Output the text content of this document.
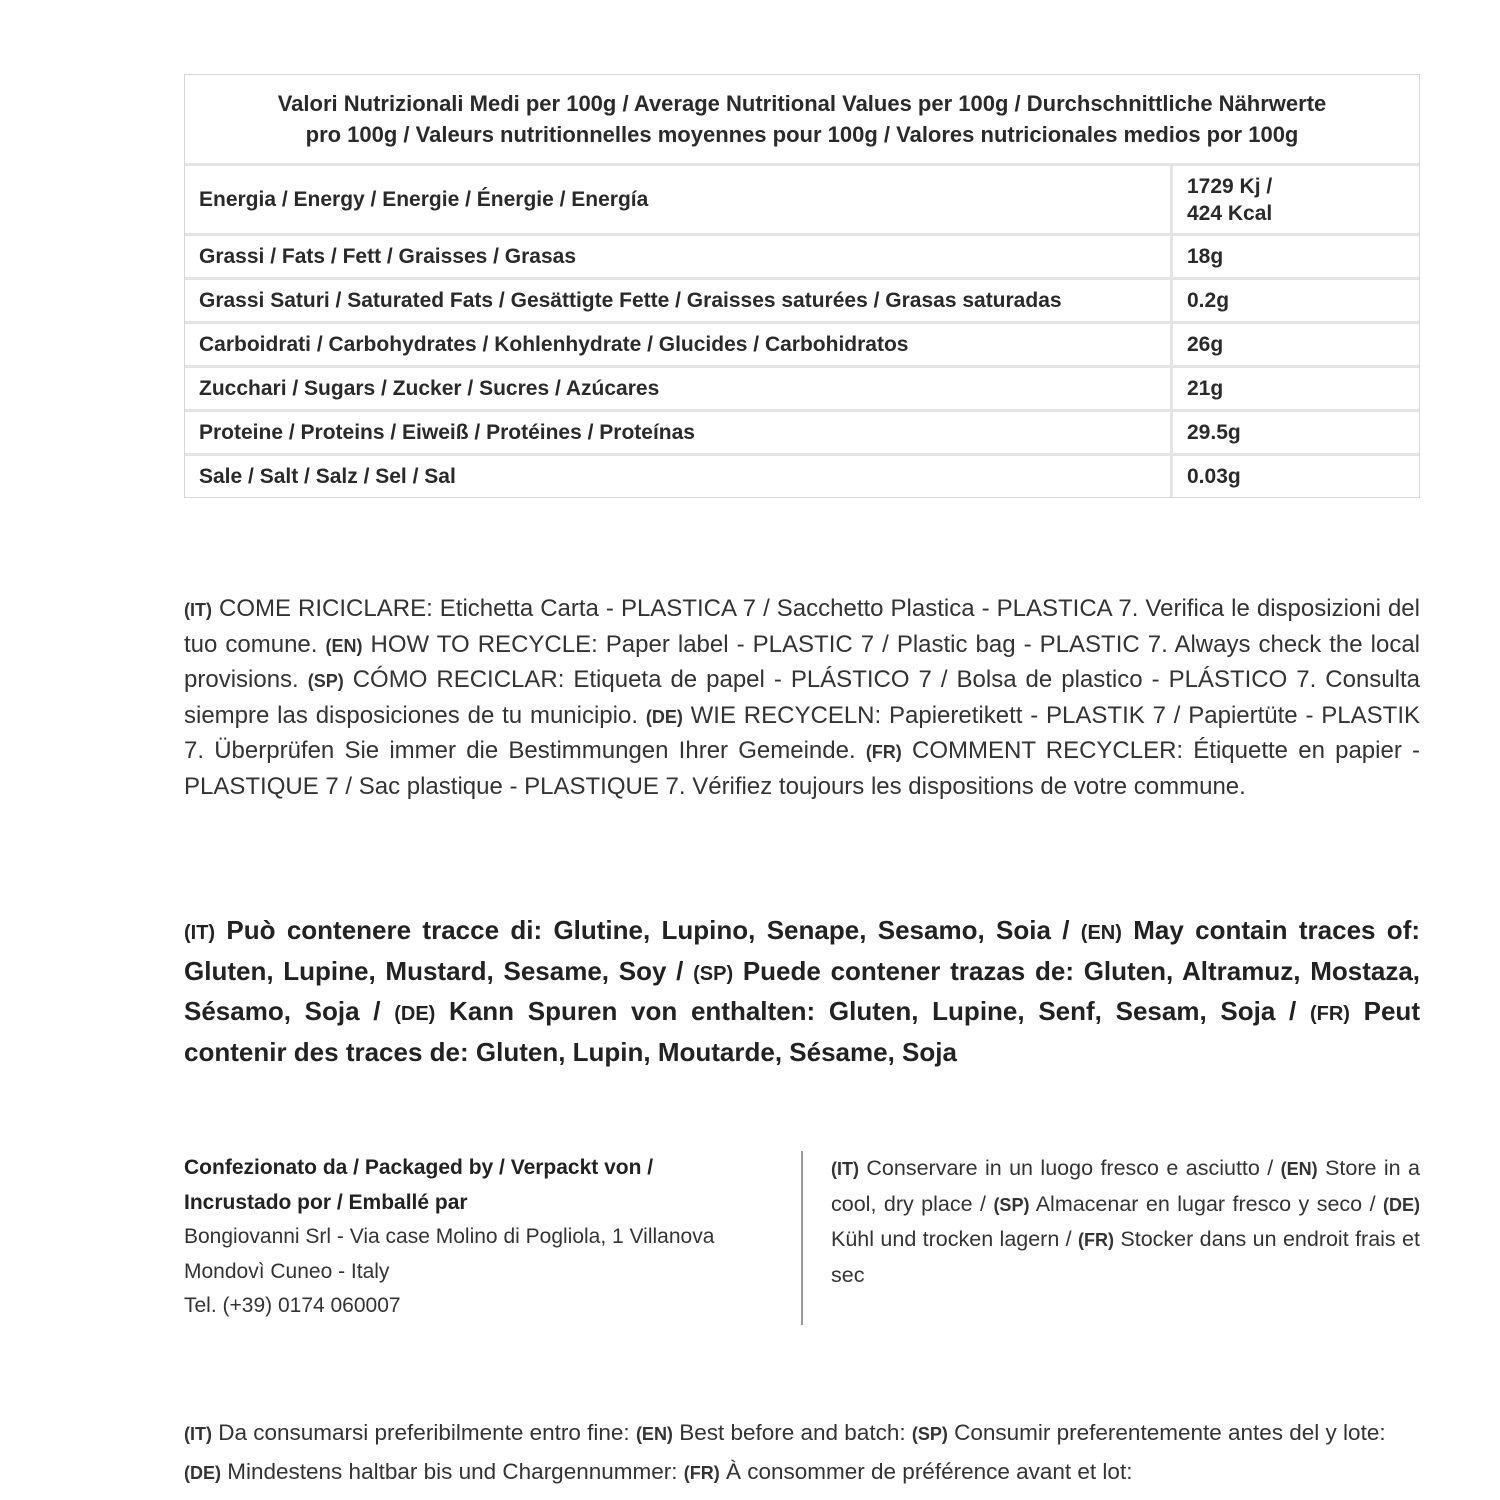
Valori Nutrizionali Medi per 100g / Average Nutritional Values per 100g / Durchschnittliche Nährwerte
pro 100g / Valeurs nutritionnelles moyennes pour 100g / Valores nutricionales medios por 100g	
Energia / Energy / Energie / Énergie / Energía	1729 Kj /
424 Kcal
Grassi / Fats / Fett / Graisses / Grasas	18g
Grassi Saturi / Saturated Fats / Gesättigte Fette / Graisses saturées / Grasas saturadas	0.2g
Carboidrati / Carbohydrates / Kohlenhydrate / Glucides / Carbohidratos	26g
Zucchari / Sugars / Zucker / Sucres / Azúcares	21g
Proteine / Proteins / Eiweiß / Protéines / Proteínas	29.5g
Sale / Salt / Salz / Sel / Sal	0.03g
(IT) COME RICICLARE: Etichetta Carta - PLASTICA 7 / Sacchetto Plastica - PLASTICA 7. Verifica le disposizioni del tuo comune. (EN) HOW TO RECYCLE: Paper label - PLASTIC 7 / Plastic bag - PLASTIC 7. Always check the local provisions. (SP) CÓMO RECICLAR: Etiqueta de papel - PLÁSTICO 7 / Bolsa de plastico - PLÁSTICO 7. Consulta siempre las disposiciones de tu municipio. (DE) WIE RECYCELN: Papieretikett - PLASTIK 7 / Papiertüte - PLASTIK 7. Überprüfen Sie immer die Bestimmungen Ihrer Gemeinde. (FR) COMMENT RECYCLER: Étiquette en papier - PLASTIQUE 7 / Sac plastique - PLASTIQUE 7. Vérifiez toujours les dispositions de votre commune.
(IT) Può contenere tracce di: Glutine, Lupino, Senape, Sesamo, Soia / (EN) May contain traces of: Gluten, Lupine, Mustard, Sesame, Soy / (SP) Puede contener trazas de: Gluten, Altramuz, Mostaza, Sésamo, Soja / (DE) Kann Spuren von enthalten: Gluten, Lupine, Senf, Sesam, Soja / (FR) Peut contenir des traces de: Gluten, Lupin, Moutarde, Sésame, Soja
Confezionato da / Packaged by / Verpackt von /
Incrustado por / Emballé par
Bongiovanni Srl - Via case Molino di Pogliola, 1 Villanova
Mondovì Cuneo - Italy
Tel. (+39) 0174 060007
(IT) Conservare in un luogo fresco e asciutto / (EN) Store in a cool, dry place / (SP) Almacenar en lugar fresco y seco / (DE) Kühl und trocken lagern / (FR) Stocker dans un endroit frais et sec
(IT) Da consumarsi preferibilmente entro fine: (EN) Best before and batch: (SP) Consumir preferentemente antes del y lote: (DE) Mindestens haltbar bis und Chargennummer: (FR) À consommer de préférence avant et lot:
